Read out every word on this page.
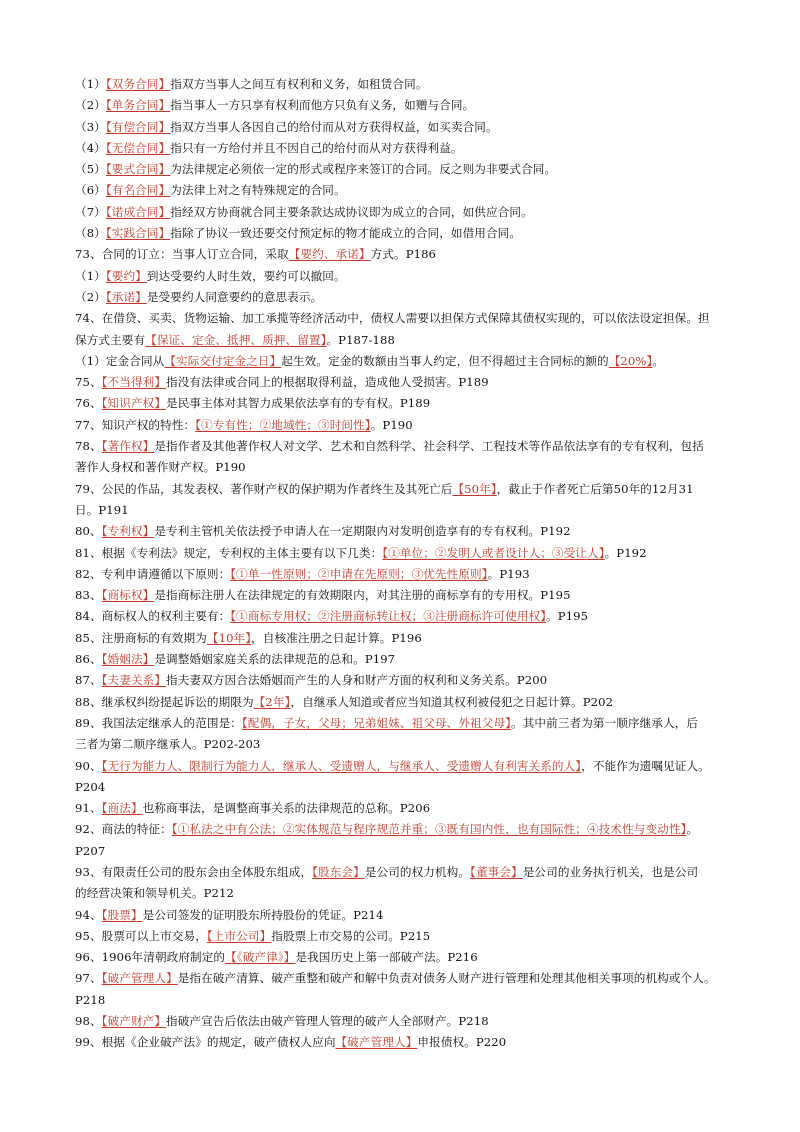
（1）【双务合同】指双方当事人之间互有权利和义务，如租赁合同。
（2）【单务合同】指当事人一方只享有权利而他方只负有义务，如赠与合同。
（3）【有偿合同】指双方当事人各因自己的给付而从对方获得权益，如买卖合同。
（4）【无偿合同】指只有一方给付并且不因自己的给付而从对方获得利益。
（5）【要式合同】为法律规定必须依一定的形式或程序来签订的合同。反之则为非要式合同。
（6）【有名合同】为法律上对之有特殊规定的合同。
（7）【诺成合同】指经双方协商就合同主要条款达成协议即为成立的合同，如供应合同。
（8）【实践合同】指除了协议一致还要交付预定标的物才能成立的合同，如借用合同。
73、合同的订立：当事人订立合同，采取【要约、承诺】方式。P186
（1）【要约】到达受要约人时生效，要约可以撤回。
（2）【承诺】是受要约人同意要约的意思表示。
74、在借贷、买卖、货物运输、加工承揽等经济活动中，债权人需要以担保方式保障其债权实现的，可以依法设定担保。担
保方式主要有【保证、定金、抵押、质押、留置】。P187-188
（1）定金合同从【实际交付定金之日】起生效。定金的数额由当事人约定，但不得超过主合同标的额的【20%】。
75、【不当得利】指没有法律或合同上的根据取得利益，造成他人受损害。P189
76、【知识产权】是民事主体对其智力成果依法享有的专有权。P189
77、知识产权的特性：【①专有性；②地域性；③时间性】。P190
78、【著作权】是指作者及其他著作权人对文学、艺术和自然科学、社会科学、工程技术等作品依法享有的专有权利，包括
著作人身权和著作财产权。P190
79、公民的作品，其发表权、著作财产权的保护期为作者终生及其死亡后【50年】，截止于作者死亡后第50年的12月31
日。P191
80、【专利权】是专利主管机关依法授予申请人在一定期限内对发明创造享有的专有权利。P192
81、根据《专利法》规定，专利权的主体主要有以下几类：【①单位；②发明人或者设计人；③受让人】。P192
82、专利申请遵循以下原则：【①单一性原则；②申请在先原则；③优先性原则】。P193
83、【商标权】是指商标注册人在法律规定的有效期限内，对其注册的商标享有的专用权。P195
84、商标权人的权利主要有：【①商标专用权；②注册商标转让权；③注册商标许可使用权】。P195
85、注册商标的有效期为【10年】，自核准注册之日起计算。P196
86、【婚姻法】是调整婚姻家庭关系的法律规范的总和。P197
87、【夫妻关系】指夫妻双方因合法婚姻而产生的人身和财产方面的权利和义务关系。P200
88、继承权纠纷提起诉讼的期限为【2年】，自继承人知道或者应当知道其权利被侵犯之日起计算。P202
89、我国法定继承人的范围是：【配偶，子女，父母；兄弟姐妹、祖父母、外祖父母】。其中前三者为第一顺序继承人，后
三者为第二顺序继承人。P202-203
90、【无行为能力人、限制行为能力人，继承人、受遗赠人，与继承人、受遗赠人有利害关系的人】，不能作为遗嘱见证人。
P204
91、【商法】也称商事法，是调整商事关系的法律规范的总称。P206
92、商法的特征：【①私法之中有公法；②实体规范与程序规范并重；③既有国内性，也有国际性；④技术性与变动性】。
P207
93、有限责任公司的股东会由全体股东组成，【股东会】是公司的权力机构。【董事会】是公司的业务执行机关，也是公司
的经营决策和领导机关。P212
94、【股票】是公司签发的证明股东所持股份的凭证。P214
95、股票可以上市交易，【上市公司】指股票上市交易的公司。P215
96、1906年清朝政府制定的【《破产律》】是我国历史上第一部破产法。P216
97、【破产管理人】是指在破产清算、破产重整和破产和解中负责对债务人财产进行管理和处理其他相关事项的机构或个人。
P218
98、【破产财产】指破产宣告后依法由破产管理人管理的破产人全部财产。P218
99、根据《企业破产法》的规定，破产债权人应向【破产管理人】申报债权。P220
